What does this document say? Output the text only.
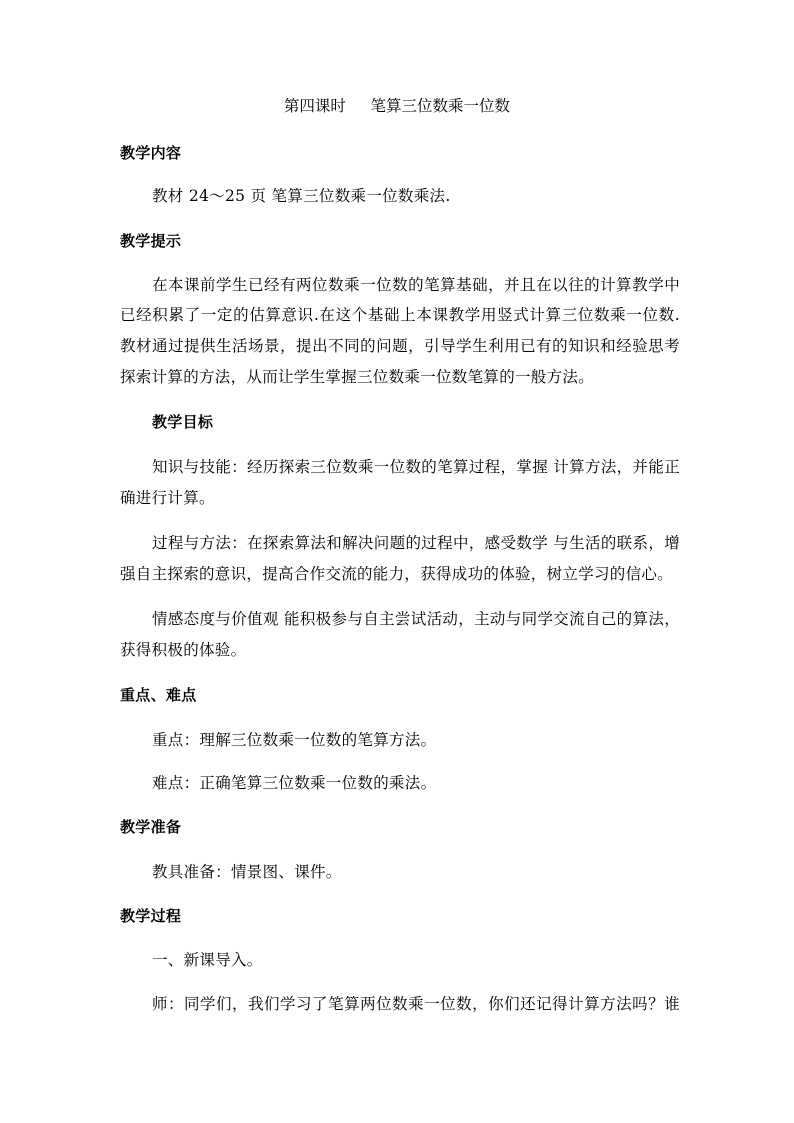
第四课时     笔算三位数乘一位数
教学内容
教材 24～25 页 笔算三位数乘一位数乘法.
教学提示
在本课前学生已经有两位数乘一位数的笔算基础，并且在以往的计算教学中
已经积累了一定的估算意识.在这个基础上本课教学用竖式计算三位数乘一位数.
教材通过提供生活场景，提出不同的问题，引导学生利用已有的知识和经验思考
探索计算的方法，从而让学生掌握三位数乘一位数笔算的一般方法。
教学目标
知识与技能：经历探索三位数乘一位数的笔算过程，掌握 计算方法，并能正
确进行计算。
过程与方法：在探索算法和解决问题的过程中，感受数学 与生活的联系，增
强自主探索的意识，提高合作交流的能力，获得成功的体验，树立学习的信心。
情感态度与价值观 能积极参与自主尝试活动，主动与同学交流自己的算法，
获得积极的体验。
重点、难点
重点：理解三位数乘一位数的笔算方法。
难点：正确笔算三位数乘一位数的乘法。
教学准备
教具准备：情景图、课件。
教学过程
一、新课导入。
师：同学们，我们学习了笔算两位数乘一位数，你们还记得计算方法吗？谁
